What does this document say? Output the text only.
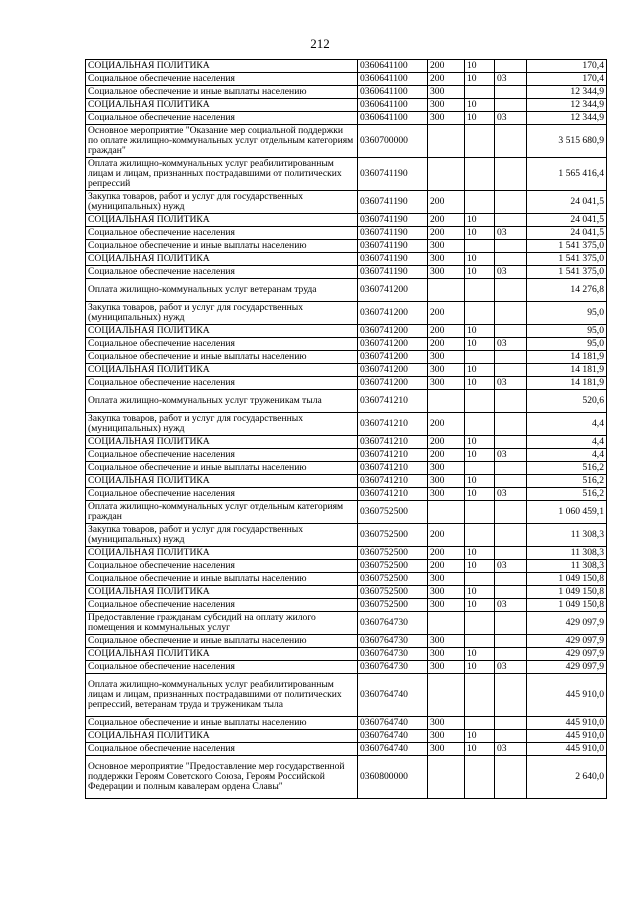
212
СОЦИАЛЬНАЯ ПОЛИТИКА	0360641100	200	10		170,4
Социальное обеспечение населения	0360641100	200	10	03	170,4
Социальное обеспечение и иные выплаты населению	0360641100	300			12 344,9
СОЦИАЛЬНАЯ ПОЛИТИКА	0360641100	300	10		12 344,9
Социальное обеспечение населения	0360641100	300	10	03	12 344,9
Основное мероприятие "Оказание мер социальной поддержки по оплате жилищно-коммунальных услуг отдельным категориям граждан"	0360700000				3 515 680,9
Оплата жилищно-коммунальных услуг реабилитированным лицам и лицам, признанных пострадавшими от политических репрессий	0360741190				1 565 416,4
Закупка товаров, работ и услуг для государственных (муниципальных) нужд	0360741190	200			24 041,5
СОЦИАЛЬНАЯ ПОЛИТИКА	0360741190	200	10		24 041,5
Социальное обеспечение населения	0360741190	200	10	03	24 041,5
Социальное обеспечение и иные выплаты населению	0360741190	300			1 541 375,0
СОЦИАЛЬНАЯ ПОЛИТИКА	0360741190	300	10		1 541 375,0
Социальное обеспечение населения	0360741190	300	10	03	1 541 375,0
Оплата жилищно-коммунальных услуг ветеранам труда	0360741200				14 276,8
Закупка товаров, работ и услуг для государственных (муниципальных) нужд	0360741200	200			95,0
СОЦИАЛЬНАЯ ПОЛИТИКА	0360741200	200	10		95,0
Социальное обеспечение населения	0360741200	200	10	03	95,0
Социальное обеспечение и иные выплаты населению	0360741200	300			14 181,9
СОЦИАЛЬНАЯ ПОЛИТИКА	0360741200	300	10		14 181,9
Социальное обеспечение населения	0360741200	300	10	03	14 181,9
Оплата жилищно-коммунальных услуг труженикам тыла	0360741210				520,6
Закупка товаров, работ и услуг для государственных (муниципальных) нужд	0360741210	200			4,4
СОЦИАЛЬНАЯ ПОЛИТИКА	0360741210	200	10		4,4
Социальное обеспечение населения	0360741210	200	10	03	4,4
Социальное обеспечение и иные выплаты населению	0360741210	300			516,2
СОЦИАЛЬНАЯ ПОЛИТИКА	0360741210	300	10		516,2
Социальное обеспечение населения	0360741210	300	10	03	516,2
Оплата жилищно-коммунальных услуг отдельным категориям граждан	0360752500				1 060 459,1
Закупка товаров, работ и услуг для государственных (муниципальных) нужд	0360752500	200			11 308,3
СОЦИАЛЬНАЯ ПОЛИТИКА	0360752500	200	10		11 308,3
Социальное обеспечение населения	0360752500	200	10	03	11 308,3
Социальное обеспечение и иные выплаты населению	0360752500	300			1 049 150,8
СОЦИАЛЬНАЯ ПОЛИТИКА	0360752500	300	10		1 049 150,8
Социальное обеспечение населения	0360752500	300	10	03	1 049 150,8
Предоставление гражданам субсидий на оплату жилого помещения и коммунальных услуг	0360764730				429 097,9
Социальное обеспечение и иные выплаты населению	0360764730	300			429 097,9
СОЦИАЛЬНАЯ ПОЛИТИКА	0360764730	300	10		429 097,9
Социальное обеспечение населения	0360764730	300	10	03	429 097,9
Оплата жилищно-коммунальных услуг реабилитированным лицам и лицам, признанных пострадавшими от политических репрессий, ветеранам труда и труженикам тыла	0360764740				445 910,0
Социальное обеспечение и иные выплаты населению	0360764740	300			445 910,0
СОЦИАЛЬНАЯ ПОЛИТИКА	0360764740	300	10		445 910,0
Социальное обеспечение населения	0360764740	300	10	03	445 910,0
Основное мероприятие "Предоставление мер государственной поддержки Героям Советского Союза, Героям Российской Федерации и полным кавалерам ордена Славы"	0360800000				2 640,0
